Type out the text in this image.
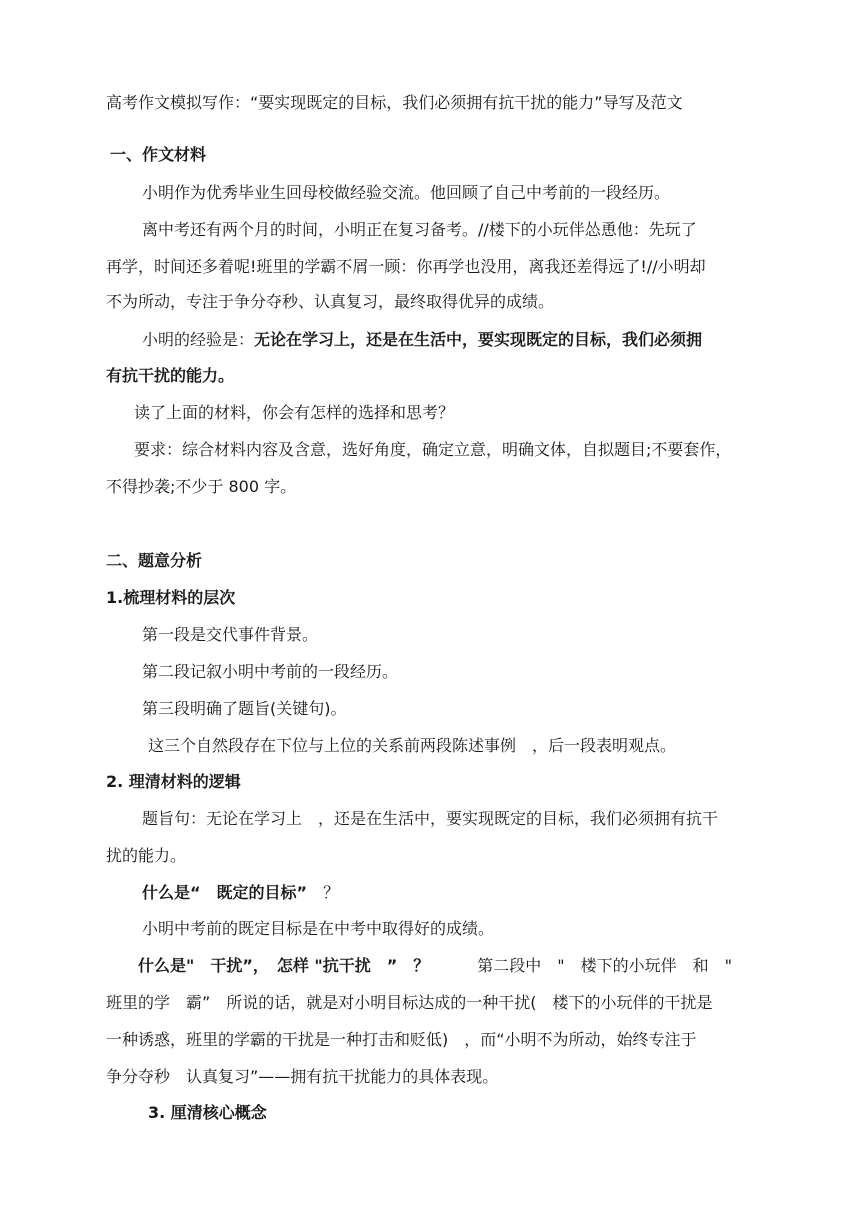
高考作文模拟写作：“要实现既定的目标，我们必须拥有抗干扰的能力”导写及范文

一、作文材料

小明作为优秀毕业生回母校做经验交流。他回顾了自己中考前的一段经历。

离中考还有两个月的时间，小明正在复习备考。//楼下的小玩伴怂恿他：先玩了

再学，时间还多着呢!班里的学霸不屑一顾：你再学也没用，离我还差得远了!//小明却

不为所动，专注于争分夺秒、认真复习，最终取得优异的成绩。

小明的经验是：无论在学习上，还是在生活中，要实现既定的目标，我们必须拥

有抗干扰的能力。

读了上面的材料，你会有怎样的选择和思考？

要求：综合材料内容及含意，选好角度，确定立意，明确文体，自拟题目;不要套作，

不得抄袭;不少于 800 字。

二、题意分析

1.梳理材料的层次

第一段是交代事件背景。

第二段记叙小明中考前的一段经历。

第三段明确了题旨(关键句)。

这三个自然段存在下位与上位的关系前两段陈述事例　，后一段表明观点。

2. 理清材料的逻辑

题旨句：无论在学习上　，还是在生活中，要实现既定的目标，我们必须拥有抗干

扰的能力。

什么是“　既定的目标”　 ？

小明中考前的既定目标是在中考中取得好的成绩。

什么是"　干扰”，　怎样 "抗干扰　”　？　　　	第二段中　"　楼下的小玩伴　和　"

班里的学　霸”　所说的话，就是对小明目标达成的一种干扰(　楼下的小玩伴的干扰是

一种诱惑，班里的学霸的干扰是一种打击和贬低)　，而“小明不为所动，始终专注于

争分夺秒　认真复习”——拥有抗干扰能力的具体表现。

3. 厘清核心概念
